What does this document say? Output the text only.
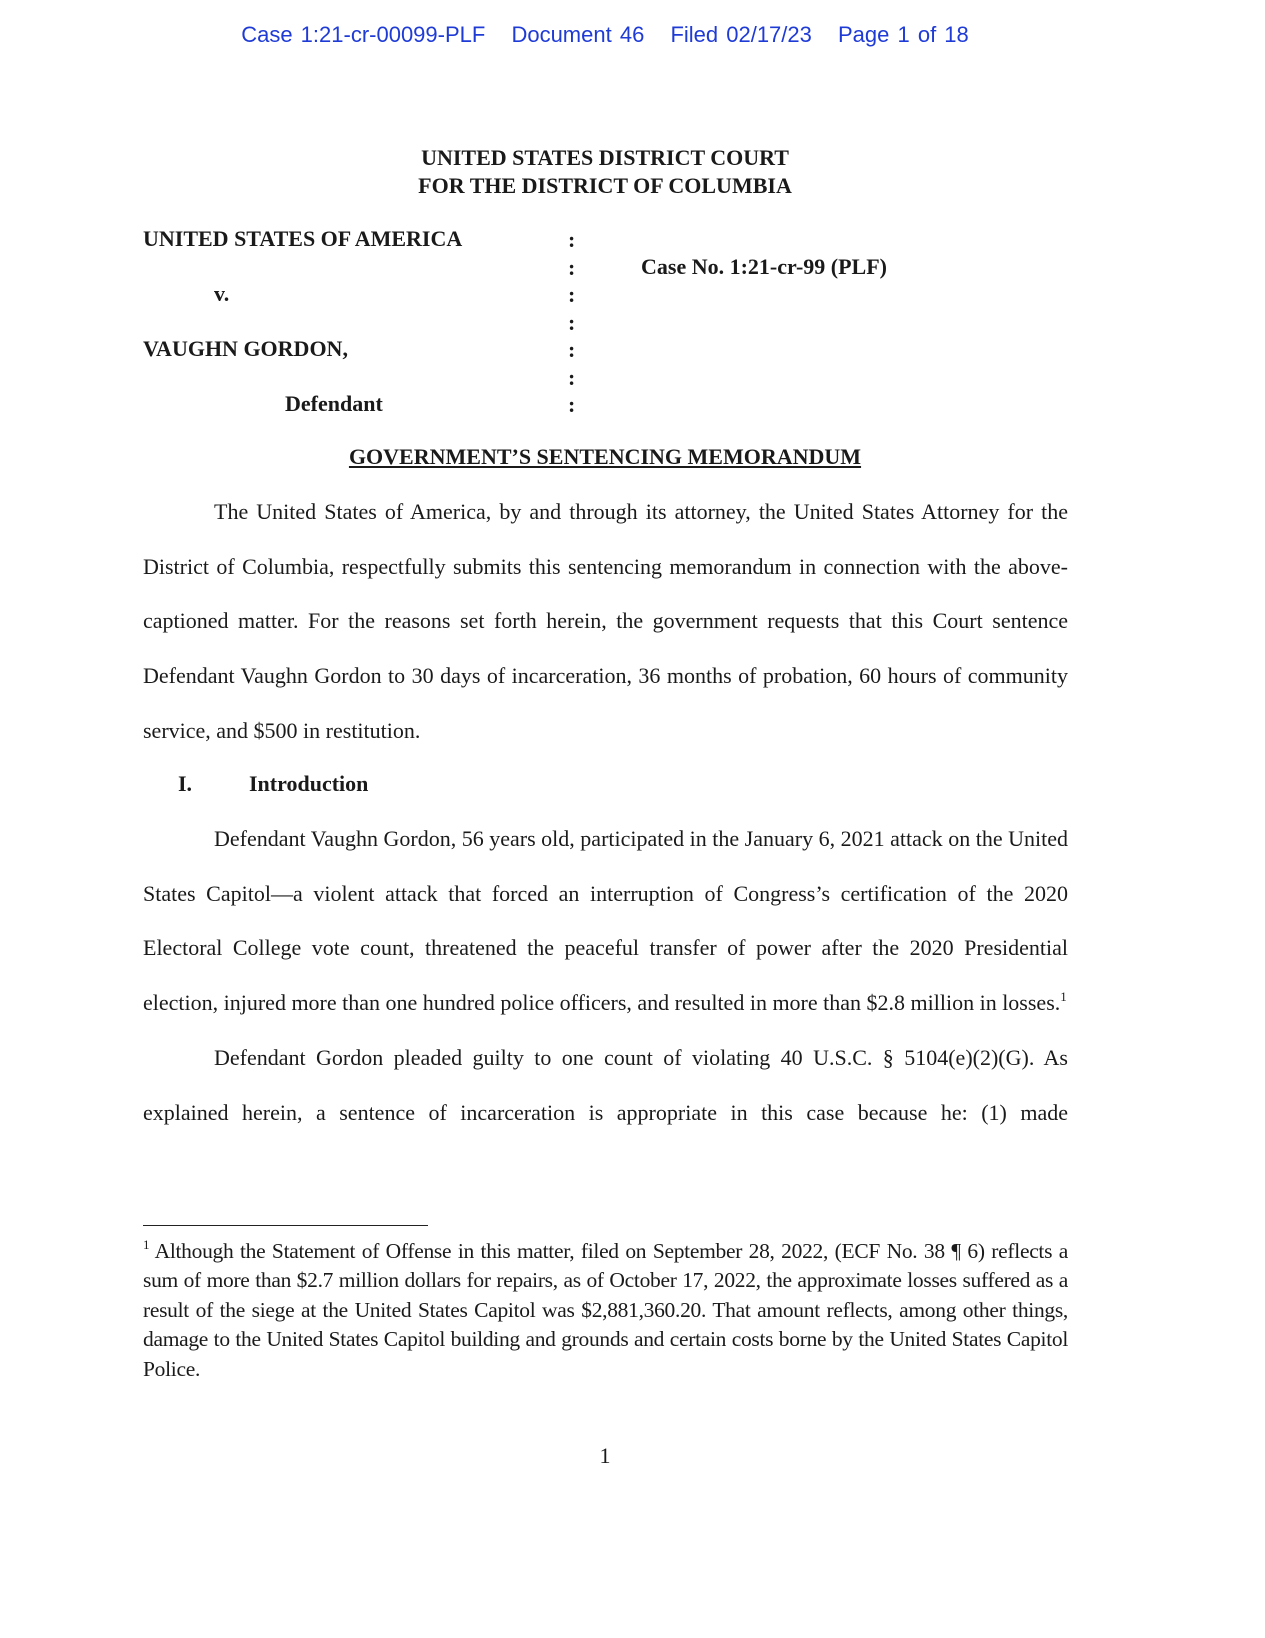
Case 1:21-cr-00099-PLF Document 46 Filed 02/17/23 Page 1 of 18
UNITED STATES DISTRICT COURT
FOR THE DISTRICT OF COLUMBIA
UNITED STATES OF AMERICA
v.
VAUGHN GORDON,
Defendant
Case No. 1:21-cr-99 (PLF)
:
:
:
:
:
:
:
GOVERNMENT’S SENTENCING MEMORANDUM

The United States of America, by and through its attorney, the United States Attorney for the District of Columbia, respectfully submits this sentencing memorandum in connection with the above-captioned matter. For the reasons set forth herein, the government requests that this Court sentence Defendant Vaughn Gordon to 30 days of incarceration, 36 months of probation, 60 hours of community service, and $500 in restitution.

I.	Introduction

Defendant Vaughn Gordon, 56 years old, participated in the January 6, 2021 attack on the United States Capitol—a violent attack that forced an interruption of Congress’s certification of the 2020 Electoral College vote count, threatened the peaceful transfer of power after the 2020 Presidential election, injured more than one hundred police officers, and resulted in more than $2.8 million in losses.$^1$

Defendant Gordon pleaded guilty to one count of violating 40 U.S.C. § 5104(e)(2)(G). As explained herein, a sentence of incarceration is appropriate in this case because he: (1) made

$^1$ Although the Statement of Offense in this matter, filed on September 28, 2022, (ECF No. 38 ¶ 6) reflects a sum of more than $2.7 million dollars for repairs, as of October 17, 2022, the approximate losses suffered as a result of the siege at the United States Capitol was $2,881,360.20. That amount reflects, among other things, damage to the United States Capitol building and grounds and certain costs borne by the United States Capitol Police.
1
